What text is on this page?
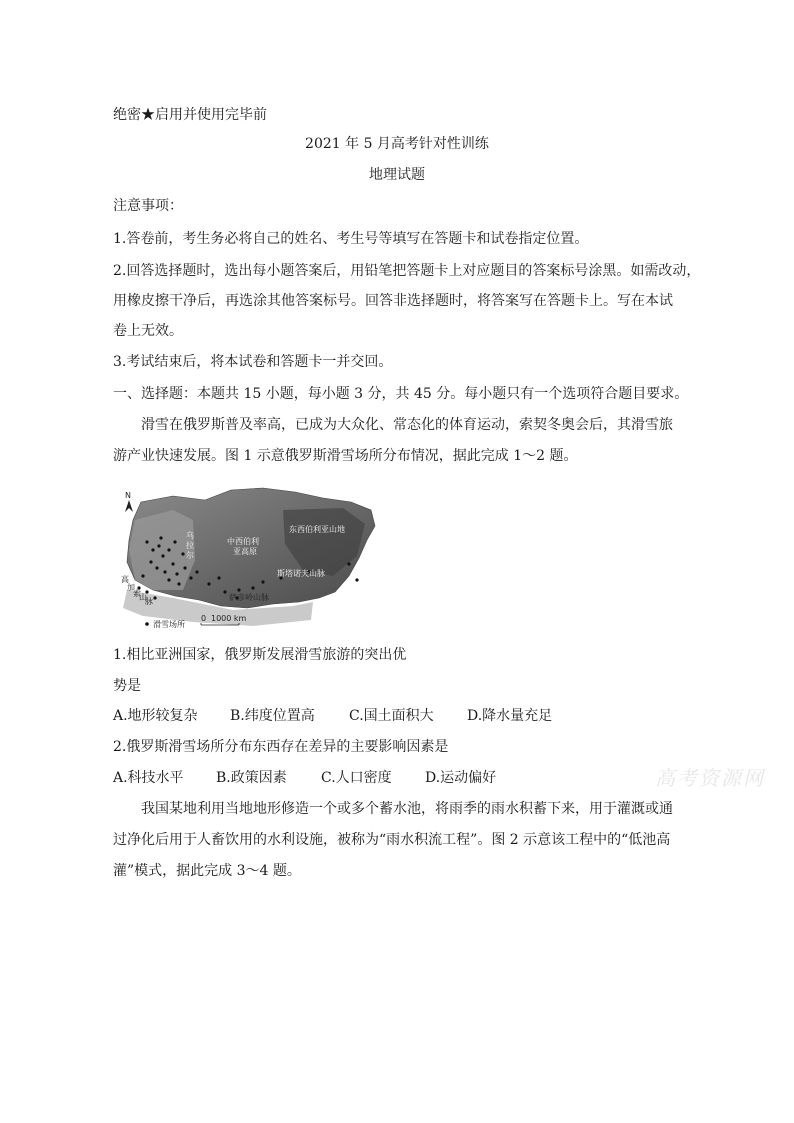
绝密★启用并使用完毕前
2021 年 5 月高考针对性训练
地理试题
注意事项：
1.答卷前，考生务必将自己的姓名、考生号等填写在答题卡和试卷指定位置。
2.回答选择题时，选出每小题答案后，用铅笔把答题卡上对应题目的答案标号涂黑。如需改动，
用橡皮擦干净后，再选涂其他答案标号。回答非选择题时，将答案写在答题卡上。写在本试
卷上无效。
3.考试结束后，将本试卷和答题卡一并交回。
一、选择题：本题共 15 小题，每小题 3 分，共 45 分。每小题只有一个选项符合题目要求。
滑雪在俄罗斯普及率高，已成为大众化、常态化的体育运动，索契冬奥会后，其滑雪旅
游产业快速发展。图 1 示意俄罗斯滑雪场所分布情况，据此完成 1～2 题。
N
乌
拉
尔
中西伯利
亚高原
东西伯利亚山地
斯塔诺夫山脉
高
加
索
山
脉	萨彦岭山脉
滑雪场所
0 1000 km
1.相比亚洲国家，俄罗斯发展滑雪旅游的突出优
势是
A.地形较复杂 B.纬度位置高 C.国土面积大 D.降水量充足
2.俄罗斯滑雪场所分布东西存在差异的主要影响因素是
A.科技水平 B.政策因素 C.人口密度 D.运动偏好	高考资源网
我国某地利用当地地形修造一个或多个蓄水池，将雨季的雨水积蓄下来，用于灌溉或通
过净化后用于人畜饮用的水利设施，被称为“雨水积流工程”。图 2 示意该工程中的“低池高
灌”模式，据此完成 3～4 题。
